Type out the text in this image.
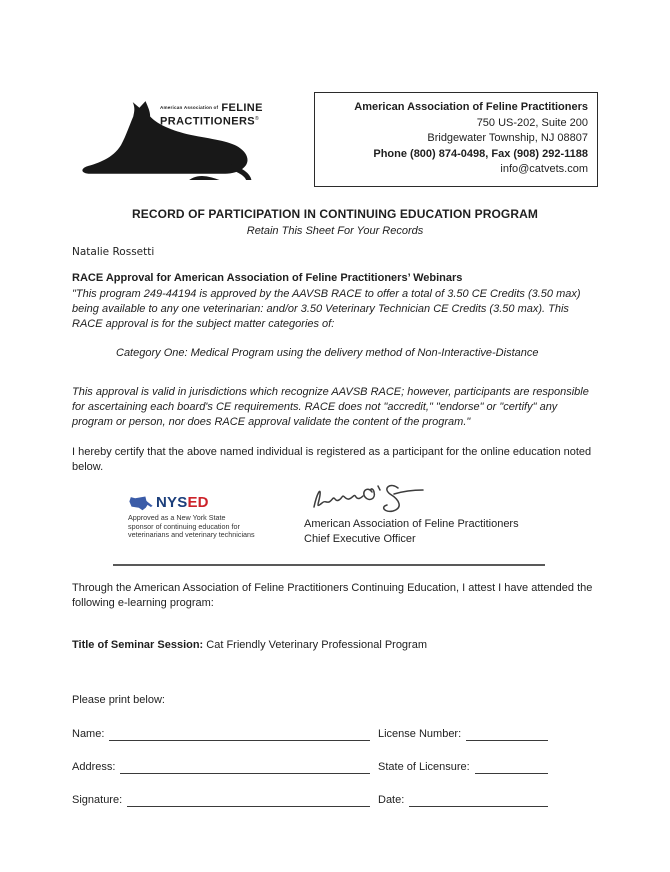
American Association of FELINE
PRACTITIONERS®
American Association of Feline Practitioners
750 US-202, Suite 200
Bridgewater Township, NJ 08807
Phone (800) 874-0498, Fax (908) 292-1188
info@catvets.com
RECORD OF PARTICIPATION IN CONTINUING EDUCATION PROGRAM
Retain This Sheet For Your Records
Natalie Rossetti
RACE Approval for American Association of Feline Practitioners’ Webinars
"This program 249-44194 is approved by the AAVSB RACE to offer a total of 3.50 CE Credits (3.50 max) being available to any one veterinarian: and/or 3.50 Veterinary Technician CE Credits (3.50 max). This RACE approval is for the subject matter categories of:
Category One: Medical Program using the delivery method of Non-Interactive-Distance
This approval is valid in jurisdictions which recognize AAVSB RACE; however, participants are responsible for ascertaining each board's CE requirements. RACE does not "accredit," "endorse" or "certify" any program or person, nor does RACE approval validate the content of the program."
I hereby certify that the above named individual is registered as a participant for the online education noted below.
NYSED
Approved as a New York State
sponsor of continuing education for
veterinarians and veterinary technicians
American Association of Feline Practitioners
Chief Executive Officer
Through the American Association of Feline Practitioners Continuing Education, I attest I have attended the following e-learning program:
Title of Seminar Session: Cat Friendly Veterinary Professional Program
Please print below:
Name:	License Number:
Address:	State of Licensure:
Signature:	Date:
